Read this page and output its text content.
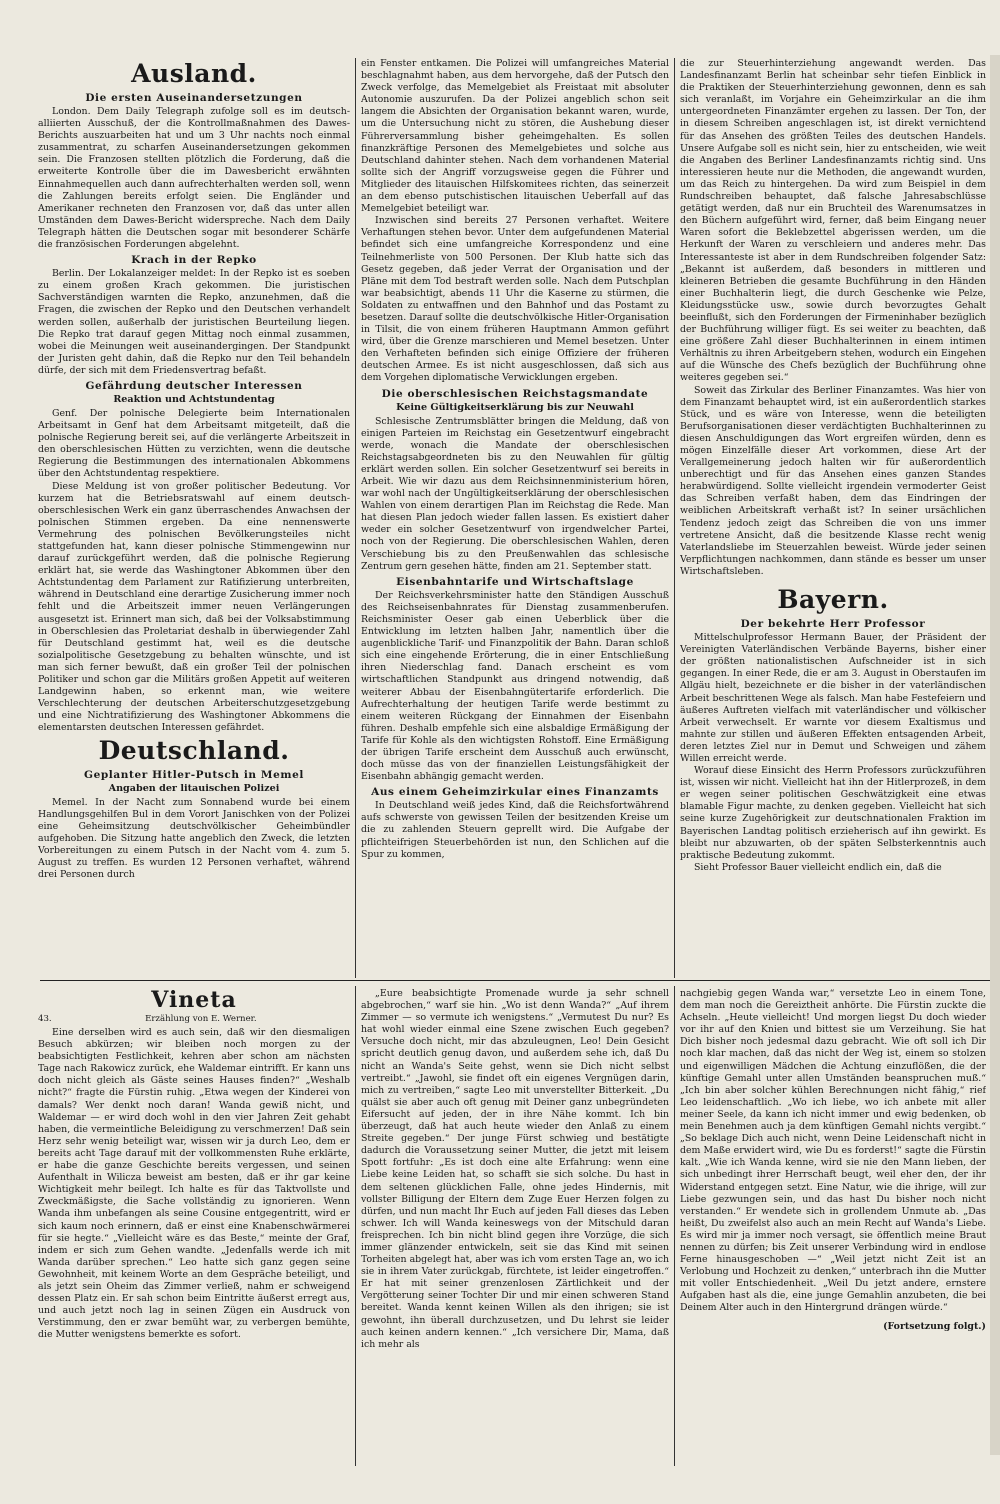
Ausland.
Die ersten Auseinandersetzungen

London. Dem Daily Telegraph zufolge soll es im deutsch-alliierten Ausschuß, der die Kontrollmaßnahmen des Dawes-Berichts auszuarbeiten hat und um 3 Uhr nachts noch einmal zusammentrat, zu scharfen Auseinandersetzungen gekommen sein. Die Franzosen stellten plötzlich die Forderung, daß die erweiterte Kontrolle über die im Dawesbericht erwähnten Einnahmequellen auch dann aufrechterhalten werden soll, wenn die Zahlungen bereits erfolgt seien. Die Engländer und Amerikaner rechneten den Franzosen vor, daß das unter allen Umständen dem Dawes-Bericht widerspreche. Nach dem Daily Telegraph hätten die Deutschen sogar mit besonderer Schärfe die französischen Forderungen abgelehnt.

Krach in der Repko

Berlin. Der Lokalanzeiger meldet: In der Repko ist es soeben zu einem großen Krach gekommen. Die juristischen Sachverständigen warnten die Repko, anzunehmen, daß die Fragen, die zwischen der Repko und den Deutschen verhandelt werden sollen, außerhalb der juristischen Beurteilung liegen. Die Repko trat darauf gegen Mittag noch einmal zusammen, wobei die Meinungen weit auseinandergingen. Der Standpunkt der Juristen geht dahin, daß die Repko nur den Teil behandeln dürfe, der sich mit dem Friedensvertrag befaßt.

Gefährdung deutscher Interessen
Reaktion und Achtstundentag

Genf. Der polnische Delegierte beim Internationalen Arbeitsamt in Genf hat dem Arbeitsamt mitgeteilt, daß die polnische Regierung bereit sei, auf die verlängerte Arbeitszeit in den oberschlesischen Hütten zu verzichten, wenn die deutsche Regierung die Bestimmungen des internationalen Abkommens über den Achtstundentag respektiere.

Diese Meldung ist von großer politischer Bedeutung. Vor kurzem hat die Betriebsratswahl auf einem deutsch-oberschlesischen Werk ein ganz überraschendes Anwachsen der polnischen Stimmen ergeben. Da eine nennenswerte Vermehrung des polnischen Bevölkerungsteiles nicht stattgefunden hat, kann dieser polnische Stimmengewinn nur darauf zurückgeführt werden, daß die polnische Regierung erklärt hat, sie werde das Washingtoner Abkommen über den Achtstundentag dem Parlament zur Ratifizierung unterbreiten, während in Deutschland eine derartige Zusicherung immer noch fehlt und die Arbeitszeit immer neuen Verlängerungen ausgesetzt ist. Erinnert man sich, daß bei der Volksabstimmung in Oberschlesien das Proletariat deshalb in überwiegender Zahl für Deutschland gestimmt hat, weil es die deutsche sozialpolitische Gesetzgebung zu behalten wünschte, und ist man sich ferner bewußt, daß ein großer Teil der polnischen Politiker und schon gar die Militärs großen Appetit auf weiteren Landgewinn haben, so erkennt man, wie weitere Verschlechterung der deutschen Arbeiterschutzgesetzgebung und eine Nichtratifizierung des Washingtoner Abkommens die elementarsten deutschen Interessen gefährdet.

Deutschland.
Geplanter Hitler-Putsch in Memel
Angaben der litauischen Polizei

Memel. In der Nacht zum Sonnabend wurde bei einem Handlungsgehilfen Bul in dem Vorort Janischken von der Polizei eine Geheimsitzung deutschvölkischer Geheimbündler aufgehoben. Die Sitzung hatte angeblich den Zweck, die letzten Vorbereitungen zu einem Putsch in der Nacht vom 4. zum 5. August zu treffen. Es wurden 12 Personen verhaftet, während drei Personen durch

ein Fenster entkamen. Die Polizei will umfangreiches Material beschlagnahmt haben, aus dem hervorgehe, daß der Putsch den Zweck verfolge, das Memelgebiet als Freistaat mit absoluter Autonomie auszurufen. Da der Polizei angeblich schon seit langem die Absichten der Organisation bekannt waren, wurde, um die Untersuchung nicht zu stören, die Aushebung dieser Führerversammlung bisher geheimgehalten. Es sollen finanzkräftige Personen des Memelgebietes und solche aus Deutschland dahinter stehen. Nach dem vorhandenen Material sollte sich der Angriff vorzugsweise gegen die Führer und Mitglieder des litauischen Hilfskomitees richten, das seinerzeit an dem ebenso putschistischen litauischen Ueberfall auf das Memelgebiet beteiligt war.

Inzwischen sind bereits 27 Personen verhaftet. Weitere Verhaftungen stehen bevor. Unter dem aufgefundenen Material befindet sich eine umfangreiche Korrespondenz und eine Teilnehmerliste von 500 Personen. Der Klub hatte sich das Gesetz gegeben, daß jeder Verrat der Organisation und der Pläne mit dem Tod bestraft werden solle. Nach dem Putschplan war beabsichtigt, abends 11 Uhr die Kaserne zu stürmen, die Soldaten zu entwaffnen und den Bahnhof und das Postamt zu besetzen. Darauf sollte die deutschvölkische Hitler-Organisation in Tilsit, die von einem früheren Hauptmann Ammon geführt wird, über die Grenze marschieren und Memel besetzen. Unter den Verhafteten befinden sich einige Offiziere der früheren deutschen Armee. Es ist nicht ausgeschlossen, daß sich aus dem Vorgehen diplomatische Verwicklungen ergeben.

Die oberschlesischen Reichstagsmandate
Keine Gültigkeitserklärung bis zur Neuwahl

Schlesische Zentrumsblätter bringen die Meldung, daß von einigen Parteien im Reichstag ein Gesetzentwurf eingebracht werde, wonach die Mandate der oberschlesischen Reichstagsabgeordneten bis zu den Neuwahlen für gültig erklärt werden sollen. Ein solcher Gesetzentwurf sei bereits in Arbeit. Wie wir dazu aus dem Reichsinnenministerium hören, war wohl nach der Ungültigkeitserklärung der oberschlesischen Wahlen von einem derartigen Plan im Reichstag die Rede. Man hat diesen Plan jedoch wieder fallen lassen. Es existiert daher weder ein solcher Gesetzentwurf von irgendwelcher Partei, noch von der Regierung. Die oberschlesischen Wahlen, deren Verschiebung bis zu den Preußenwahlen das schlesische Zentrum gern gesehen hätte, finden am 21. September statt.

Eisenbahntarife und Wirtschaftslage

Der Reichsverkehrsminister hatte den Ständigen Ausschuß des Reichseisenbahnrates für Dienstag zusammenberufen. Reichsminister Oeser gab einen Ueberblick über die Entwicklung im letzten halben Jahr, namentlich über die augenblickliche Tarif- und Finanzpolitik der Bahn. Daran schloß sich eine eingehende Erörterung, die in einer Entschließung ihren Niederschlag fand. Danach erscheint es vom wirtschaftlichen Standpunkt aus dringend notwendig, daß weiterer Abbau der Eisenbahngütertarife erforderlich. Die Aufrechterhaltung der heutigen Tarife werde bestimmt zu einem weiteren Rückgang der Einnahmen der Eisenbahn führen. Deshalb empfehle sich eine alsbaldige Ermäßigung der Tarife für Kohle als den wichtigsten Rohstoff. Eine Ermäßigung der übrigen Tarife erscheint dem Ausschuß auch erwünscht, doch müsse das von der finanziellen Leistungsfähigkeit der Eisenbahn abhängig gemacht werden.

Aus einem Geheimzirkular eines Finanzamts

In Deutschland weiß jedes Kind, daß die Reichsfortwährend aufs schwerste von gewissen Teilen der besitzenden Kreise um die zu zahlenden Steuern geprellt wird. Die Aufgabe der pflichteifrigen Steuerbehörden ist nun, den Schlichen auf die Spur zu kommen,

die zur Steuerhinterziehung angewandt werden. Das Landesfinanzamt Berlin hat scheinbar sehr tiefen Einblick in die Praktiken der Steuerhinterziehung gewonnen, denn es sah sich veranlaßt, im Vorjahre ein Geheimzirkular an die ihm untergeordneten Finanzämter ergehen zu lassen. Der Ton, der in diesem Schreiben angeschlagen ist, ist direkt vernichtend für das Ansehen des größten Teiles des deutschen Handels. Unsere Aufgabe soll es nicht sein, hier zu entscheiden, wie weit die Angaben des Berliner Landesfinanzamts richtig sind. Uns interessieren heute nur die Methoden, die angewandt wurden, um das Reich zu hintergehen. Da wird zum Beispiel in dem Rundschreiben behauptet, daß falsche Jahresabschlüsse getätigt werden, daß nur ein Bruchteil des Warenumsatzes in den Büchern aufgeführt wird, ferner, daß beim Eingang neuer Waren sofort die Beklebzettel abgerissen werden, um die Herkunft der Waren zu verschleiern und anderes mehr. Das Interessanteste ist aber in dem Rundschreiben folgender Satz: „Bekannt ist außerdem, daß besonders in mittleren und kleineren Betrieben die gesamte Buchführung in den Händen einer Buchhalterin liegt, die durch Geschenke wie Pelze, Kleidungsstücke usw., sowie durch bevorzugtes Gehalt beeinflußt, sich den Forderungen der Firmeninhaber bezüglich der Buchführung williger fügt. Es sei weiter zu beachten, daß eine größere Zahl dieser Buchhalterinnen in einem intimen Verhältnis zu ihren Arbeitgebern stehen, wodurch ein Eingehen auf die Wünsche des Chefs bezüglich der Buchführung ohne weiteres gegeben sei.“

Soweit das Zirkular des Berliner Finanzamtes. Was hier von dem Finanzamt behauptet wird, ist ein außerordentlich starkes Stück, und es wäre von Interesse, wenn die beteiligten Berufsorganisationen dieser verdächtigten Buchhalterinnen zu diesen Anschuldigungen das Wort ergreifen würden, denn es mögen Einzelfälle dieser Art vorkommen, diese Art der Verallgemeinerung jedoch halten wir für außerordentlich unberechtigt und für das Ansehen eines ganzen Standes herabwürdigend. Sollte vielleicht irgendein vermoderter Geist das Schreiben verfaßt haben, dem das Eindringen der weiblichen Arbeitskraft verhaßt ist? In seiner ursächlichen Tendenz jedoch zeigt das Schreiben die von uns immer vertretene Ansicht, daß die besitzende Klasse recht wenig Vaterlandsliebe im Steuerzahlen beweist. Würde jeder seinen Verpflichtungen nachkommen, dann stände es besser um unser Wirtschaftsleben.

Bayern.
Der bekehrte Herr Professor

Mittelschulprofessor Hermann Bauer, der Präsident der Vereinigten Vaterländischen Verbände Bayerns, bisher einer der größten nationalistischen Aufschneider ist in sich gegangen. In einer Rede, die er am 3. August in Oberstaufen im Allgäu hielt, bezeichnete er die bisher in der vaterländischen Arbeit beschrittenen Wege als falsch. Man habe Festefeiern und äußeres Auftreten vielfach mit vaterländischer und völkischer Arbeit verwechselt. Er warnte vor diesem Exaltismus und mahnte zur stillen und äußeren Effekten entsagenden Arbeit, deren letztes Ziel nur in Demut und Schweigen und zähem Willen erreicht werde.

Worauf diese Einsicht des Herrn Professors zurückzuführen ist, wissen wir nicht. Vielleicht hat ihn der Hitlerprozeß, in dem er wegen seiner politischen Geschwätzigkeit eine etwas blamable Figur machte, zu denken gegeben. Vielleicht hat sich seine kurze Zugehörigkeit zur deutschnationalen Fraktion im Bayerischen Landtag politisch erzieherisch auf ihn gewirkt. Es bleibt nur abzuwarten, ob der späten Selbsterkenntnis auch praktische Bedeutung zukommt.

Sieht Professor Bauer vielleicht endlich ein, daß die

Vineta
43.	Erzählung von E. Werner.

Eine derselben wird es auch sein, daß wir den diesmaligen Besuch abkürzen; wir bleiben noch morgen zu der beabsichtigten Festlichkeit, kehren aber schon am nächsten Tage nach Rakowicz zurück, ehe Waldemar eintrifft. Er kann uns doch nicht gleich als Gäste seines Hauses finden?“ „Weshalb nicht?“ fragte die Fürstin ruhig. „Etwa wegen der Kinderei von damals? Wer denkt noch daran! Wanda gewiß nicht, und Waldemar — er wird doch wohl in den vier Jahren Zeit gehabt haben, die vermeintliche Beleidigung zu verschmerzen! Daß sein Herz sehr wenig beteiligt war, wissen wir ja durch Leo, dem er bereits acht Tage darauf mit der vollkommensten Ruhe erklärte, er habe die ganze Geschichte bereits vergessen, und seinen Aufenthalt in Wilicza beweist am besten, daß er ihr gar keine Wichtigkeit mehr beilegt. Ich halte es für das Taktvollste und Zweckmäßigste, die Sache vollständig zu ignorieren. Wenn Wanda ihm unbefangen als seine Cousine entgegentritt, wird er sich kaum noch erinnern, daß er einst eine Knabenschwärmerei für sie hegte.“ „Vielleicht wäre es das Beste,“ meinte der Graf, indem er sich zum Gehen wandte. „Jedenfalls werde ich mit Wanda darüber sprechen.“ Leo hatte sich ganz gegen seine Gewohnheit, mit keinem Worte an dem Gespräche beteiligt, und als jetzt sein Oheim das Zimmer verließ, nahm er schweigend dessen Platz ein. Er sah schon beim Eintritte äußerst erregt aus, und auch jetzt noch lag in seinen Zügen ein Ausdruck von Verstimmung, den er zwar bemüht war, zu verbergen bemühte, die Mutter wenigstens bemerkte es sofort.

„Eure beabsichtigte Promenade wurde ja sehr schnell abgebrochen,“ warf sie hin. „Wo ist denn Wanda?“ „Auf ihrem Zimmer — so vermute ich wenigstens.“ „Vermutest Du nur? Es hat wohl wieder einmal eine Szene zwischen Euch gegeben? Versuche doch nicht, mir das abzuleugnen, Leo! Dein Gesicht spricht deutlich genug davon, und außerdem sehe ich, daß Du nicht an Wanda's Seite gehst, wenn sie Dich nicht selbst vertreibt.“ „Jawohl, sie findet oft ein eigenes Vergnügen darin, mich zu vertreiben,“ sagte Leo mit unverstellter Bitterkeit. „Du quälst sie aber auch oft genug mit Deiner ganz unbegründeten Eifersucht auf jeden, der in ihre Nähe kommt. Ich bin überzeugt, daß hat auch heute wieder den Anlaß zu einem Streite gegeben.“ Der junge Fürst schwieg und bestätigte dadurch die Voraussetzung seiner Mutter, die jetzt mit leisem Spott fortfuhr: „Es ist doch eine alte Erfahrung: wenn eine Liebe keine Leiden hat, so schafft sie sich solche. Du hast in dem seltenen glücklichen Falle, ohne jedes Hindernis, mit vollster Billigung der Eltern dem Zuge Euer Herzen folgen zu dürfen, und nun macht Ihr Euch auf jeden Fall dieses das Leben schwer. Ich will Wanda keineswegs von der Mitschuld daran freisprechen. Ich bin nicht blind gegen ihre Vorzüge, die sich immer glänzender entwickeln, seit sie das Kind mit seinen Torheiten abgelegt hat, aber was ich vom ersten Tage an, wo ich sie in ihrem Vater zurückgab, fürchtete, ist leider eingetroffen.“ Er hat mit seiner grenzenlosen Zärtlichkeit und der Vergötterung seiner Tochter Dir und mir einen schweren Stand bereitet. Wanda kennt keinen Willen als den ihrigen; sie ist gewohnt, ihn überall durchzusetzen, und Du lehrst sie leider auch keinen andern kennen.“ „Ich versichere Dir, Mama, daß ich mehr als

nachgiebig gegen Wanda war,“ versetzte Leo in einem Tone, dem man noch die Gereiztheit anhörte. Die Fürstin zuckte die Achseln. „Heute vielleicht! Und morgen liegst Du doch wieder vor ihr auf den Knien und bittest sie um Verzeihung. Sie hat Dich bisher noch jedesmal dazu gebracht. Wie oft soll ich Dir noch klar machen, daß das nicht der Weg ist, einem so stolzen und eigenwilligen Mädchen die Achtung einzuflößen, die der künftige Gemahl unter allen Umständen beanspruchen muß.“ „Ich bin aber solcher kühlen Berechnungen nicht fähig,“ rief Leo leidenschaftlich. „Wo ich liebe, wo ich anbete mit aller meiner Seele, da kann ich nicht immer und ewig bedenken, ob mein Benehmen auch ja dem künftigen Gemahl nichts vergibt.“ „So beklage Dich auch nicht, wenn Deine Leidenschaft nicht in dem Maße erwidert wird, wie Du es forderst!“ sagte die Fürstin kalt. „Wie ich Wanda kenne, wird sie nie den Mann lieben, der sich unbedingt ihrer Herrschaft beugt, weil eher den, der ihr Widerstand entgegen setzt. Eine Natur, wie die ihrige, will zur Liebe gezwungen sein, und das hast Du bisher noch nicht verstanden.“ Er wendete sich in grollendem Unmute ab. „Das heißt, Du zweifelst also auch an mein Recht auf Wanda's Liebe. Es wird mir ja immer noch versagt, sie öffentlich meine Braut nennen zu dürfen; bis Zeit unserer Verbindung wird in endlose Ferne hinausgeschoben —“ „Weil jetzt nicht Zeit ist an Verlobung und Hochzeit zu denken,“ unterbrach ihn die Mutter mit voller Entschiedenheit. „Weil Du jetzt andere, ernstere Aufgaben hast als die, eine junge Gemahlin anzubeten, die bei Deinem Alter auch in den Hintergrund drängen würde.“

(Fortsetzung folgt.)
